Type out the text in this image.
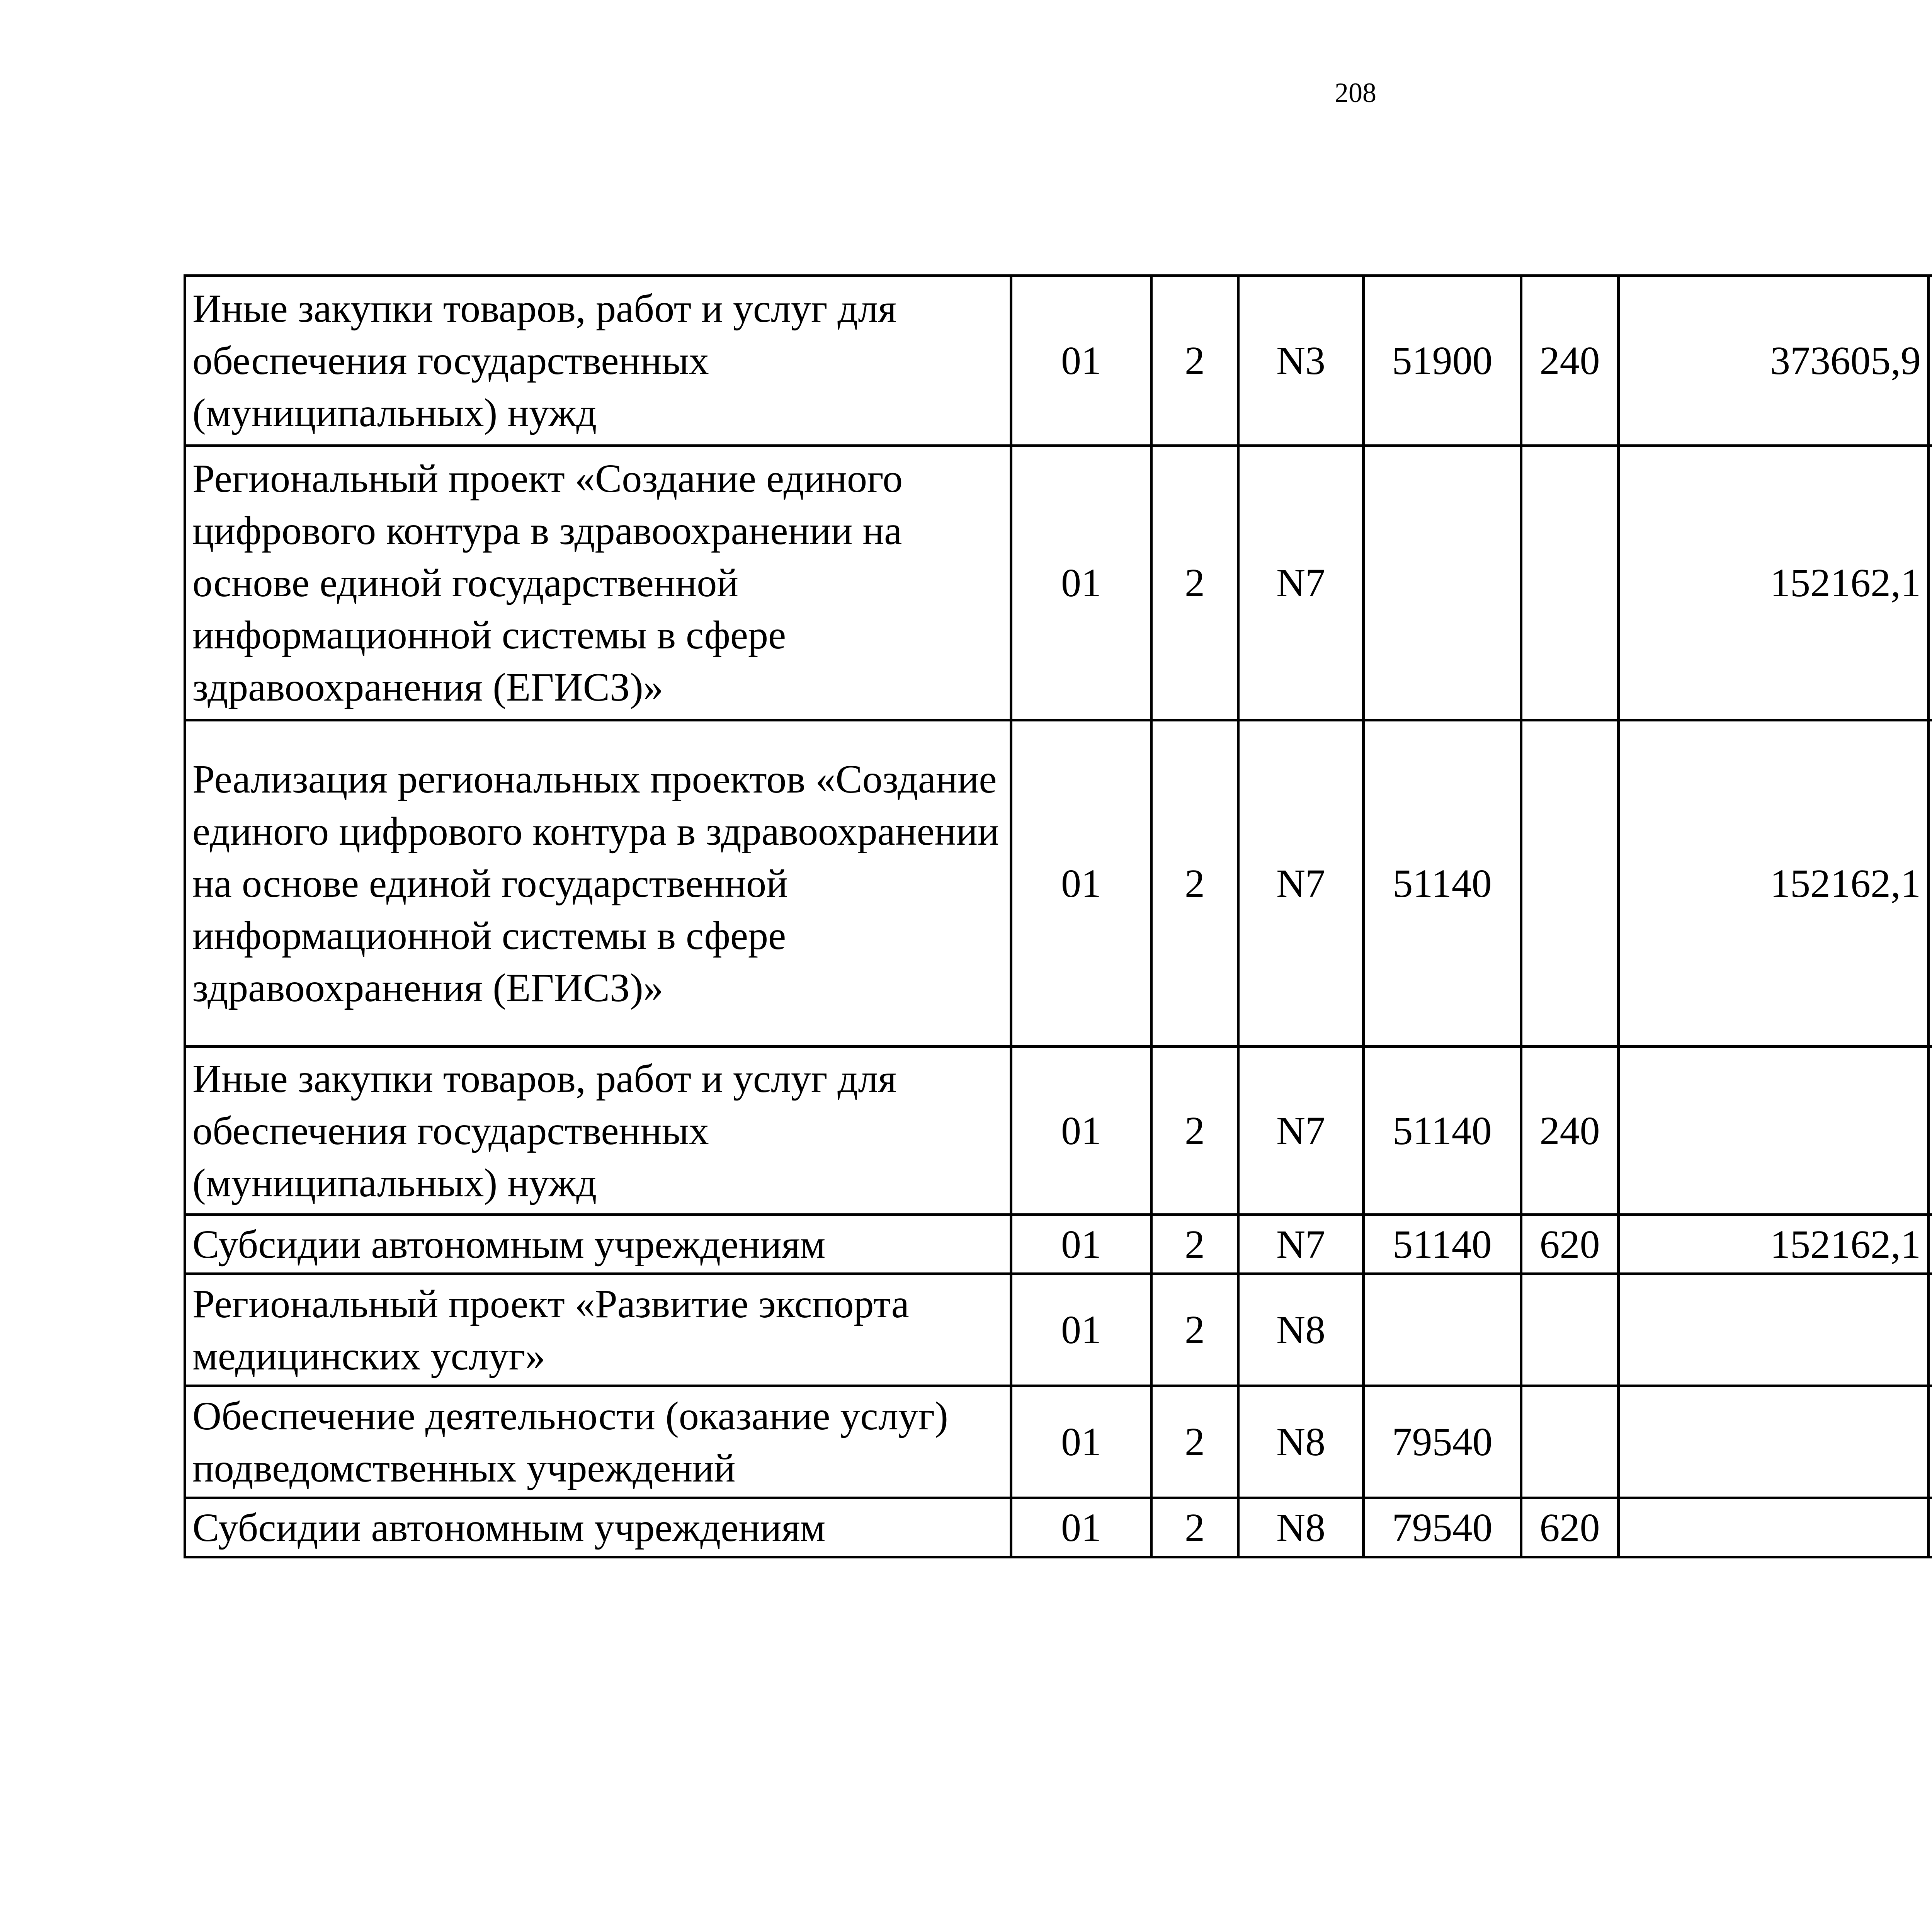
208
Иные закупки товаров, работ и услуг для обеспечения государственных (муниципальных) нужд	01	2	N3	51900	240	373605,9		
Региональный проект «Создание единого цифрового контура в здравоохранении на основе единой государственной информационной системы в сфере здравоохранения (ЕГИСЗ)»	01	2	N7			152162,1		
Реализация региональных проектов «Создание единого цифрового контура в здравоохранении на основе единой государственной информационной системы в сфере здравоохранения (ЕГИСЗ)»	01	2	N7	51140		152162,1		
Иные закупки товаров, работ и услуг для обеспечения государственных (муниципальных) нужд	01	2	N7	51140	240			
Субсидии автономным учреждениям	01	2	N7	51140	620	152162,1		
Региональный проект «Развитие экспорта медицинских услуг»	01	2	N8					
Обеспечение деятельности (оказание услуг) подведомственных учреждений	01	2	N8	79540				
Субсидии автономным учреждениям	01	2	N8	79540	620			
